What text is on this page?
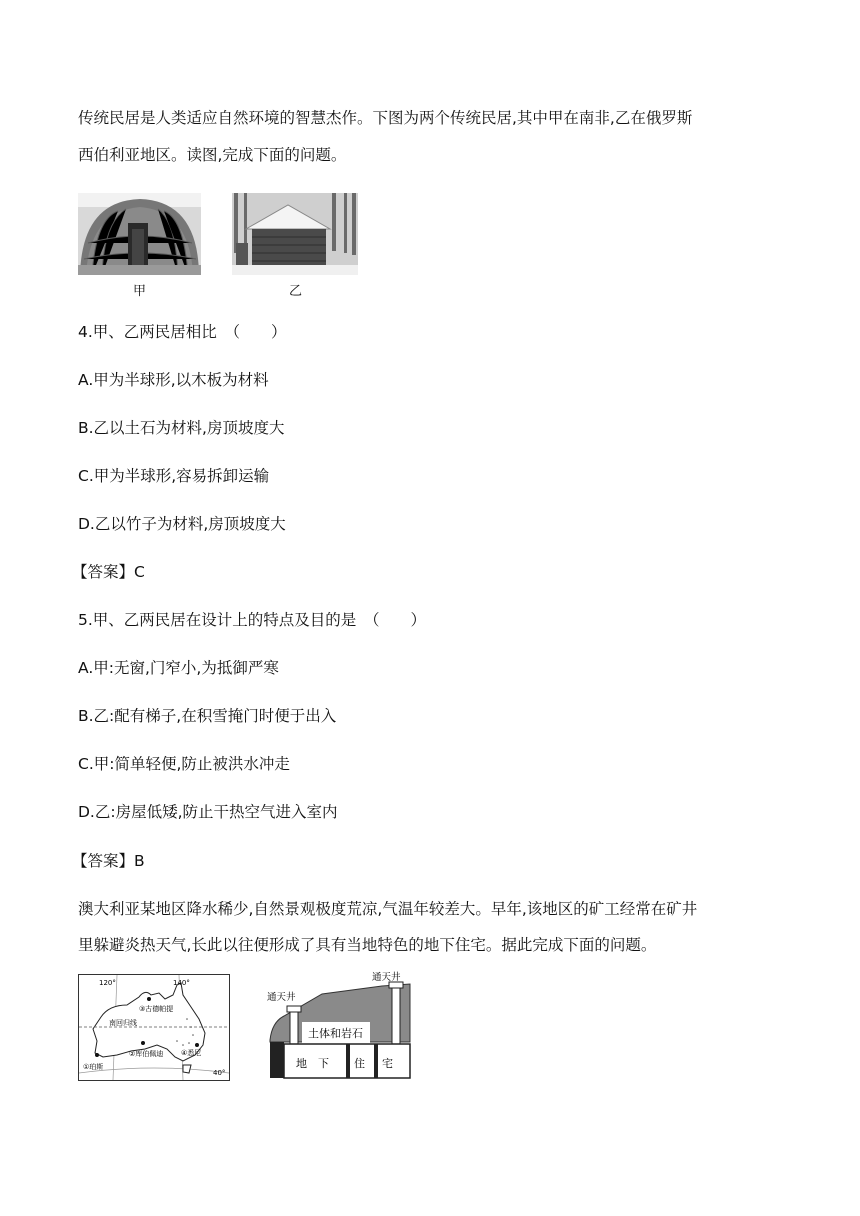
传统民居是人类适应自然环境的智慧杰作。下图为两个传统民居,其中甲在南非,乙在俄罗斯
西伯利亚地区。读图,完成下面的问题。
甲	乙
4.甲、乙两民居相比　（　　）
A.甲为半球形,以木板为材料
B.乙以土石为材料,房顶坡度大
C.甲为半球形,容易拆卸运输
D.乙以竹子为材料,房顶坡度大
【答案】C
5.甲、乙两民居在设计上的特点及目的是　（　　）
A.甲:无窗,门窄小,为抵御严寒
B.乙:配有梯子,在积雪掩门时便于出入
C.甲:简单轻便,防止被洪水冲走
D.乙:房屋低矮,防止干热空气进入室内
【答案】B
澳大利亚某地区降水稀少,自然景观极度荒凉,气温年较差大。早年,该地区的矿工经常在矿井
里躲避炎热天气,长此以往便形成了具有当地特色的地下住宅。据此完成下面的问题。
120°	140°
③古德帕提
南回归线
②库伯佩迪	④悉尼
①珀斯
40°
通天井
通天井
土体和岩石
地 下 住 宅
